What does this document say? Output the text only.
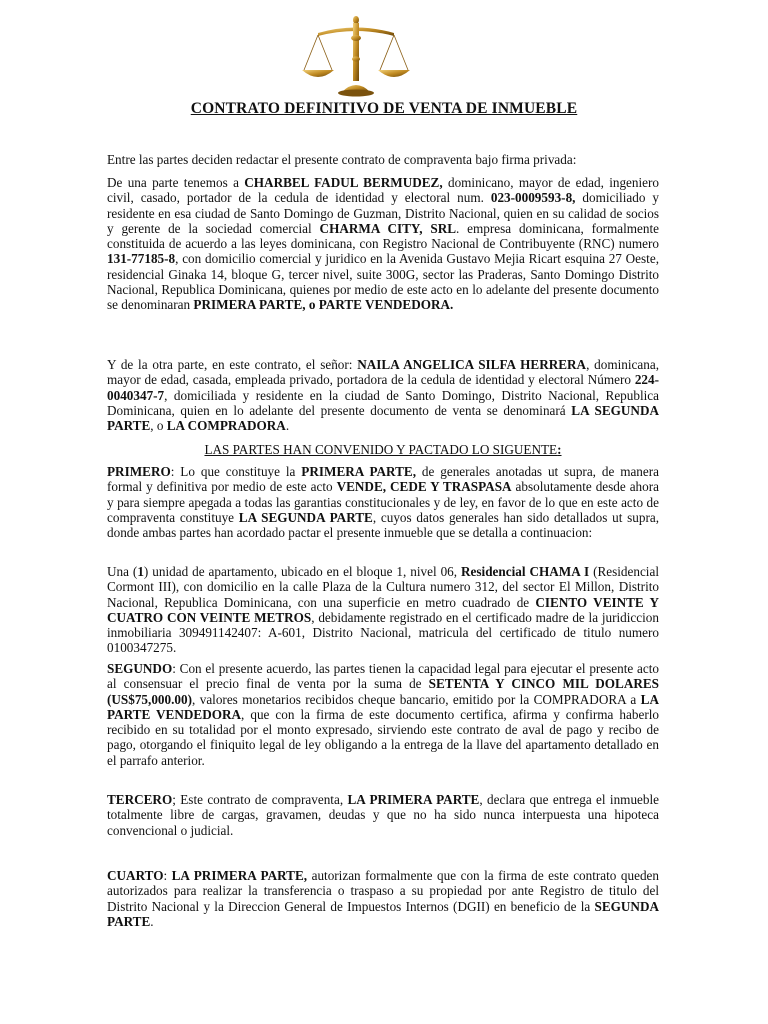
CONTRATO DEFINITIVO DE VENTA DE INMUEBLE

Entre las partes deciden redactar el presente contrato de compraventa bajo firma privada:

De una parte tenemos a CHARBEL FADUL BERMUDEZ, dominicano, mayor de edad, ingeniero civil, casado, portador de la cedula de identidad y electoral num. 023-0009593-8, domiciliado y residente en esa ciudad de Santo Domingo de Guzman, Distrito Nacional, quien en su calidad de socios y gerente de la sociedad comercial CHARMA CITY, SRL. empresa dominicana, formalmente constituida de acuerdo a las leyes dominicana, con Registro Nacional de Contribuyente (RNC) numero 131-77185-8, con domicilio comercial y juridico en la Avenida Gustavo Mejia Ricart esquina 27 Oeste, residencial Ginaka 14, bloque G, tercer nivel, suite 300G, sector las Praderas, Santo Domingo Distrito Nacional, Republica Dominicana, quienes por medio de este acto en lo adelante del presente documento se denominaran PRIMERA PARTE, o PARTE VENDEDORA.

Y de la otra parte, en este contrato, el señor: NAILA ANGELICA SILFA HERRERA, dominicana, mayor de edad, casada, empleada privado, portadora de la cedula de identidad y electoral Número 224-0040347-7, domiciliada y residente en la ciudad de Santo Domingo, Distrito Nacional, Republica Dominicana, quien en lo adelante del presente documento de venta se denominará LA SEGUNDA PARTE, o LA COMPRADORA.

LAS PARTES HAN CONVENIDO Y PACTADO LO SIGUENTE:

PRIMERO: Lo que constituye la PRIMERA PARTE, de generales anotadas ut supra, de manera formal y definitiva por medio de este acto VENDE, CEDE Y TRASPASA absolutamente desde ahora y para siempre apegada a todas las garantias constitucionales y de ley, en favor de lo que en este acto de compraventa constituye LA SEGUNDA PARTE, cuyos datos generales han sido detallados ut supra, donde ambas partes han acordado pactar el presente inmueble que se detalla a continuacion:

Una (1) unidad de apartamento, ubicado en el bloque 1, nivel 06, Residencial CHAMA I (Residencial Cormont III), con domicilio en la calle Plaza de la Cultura numero 312, del sector El Millon, Distrito Nacional, Republica Dominicana, con una superficie en metro cuadrado de CIENTO VEINTE Y CUATRO CON VEINTE METROS, debidamente registrado en el certificado madre de la juridiccion inmobiliaria 309491142407: A-601, Distrito Nacional, matricula del certificado de titulo numero 0100347275.

SEGUNDO: Con el presente acuerdo, las partes tienen la capacidad legal para ejecutar el presente acto al consensuar el precio final de venta por la suma de SETENTA Y CINCO MIL DOLARES (US$75,000.00), valores monetarios recibidos cheque bancario, emitido por la COMPRADORA a LA PARTE VENDEDORA, que con la firma de este documento certifica, afirma y confirma haberlo recibido en su totalidad por el monto expresado, sirviendo este contrato de aval de pago y recibo de pago, otorgando el finiquito legal de ley obligando a la entrega de la llave del apartamento detallado en el parrafo anterior.

TERCERO; Este contrato de compraventa, LA PRIMERA PARTE, declara que entrega el inmueble totalmente libre de cargas, gravamen, deudas y que no ha sido nunca interpuesta una hipoteca convencional o judicial.

CUARTO: LA PRIMERA PARTE, autorizan formalmente que con la firma de este contrato queden autorizados para realizar la transferencia o traspaso a su propiedad por ante Registro de titulo del Distrito Nacional y la Direccion General de Impuestos Internos (DGII) en beneficio de la SEGUNDA PARTE.
